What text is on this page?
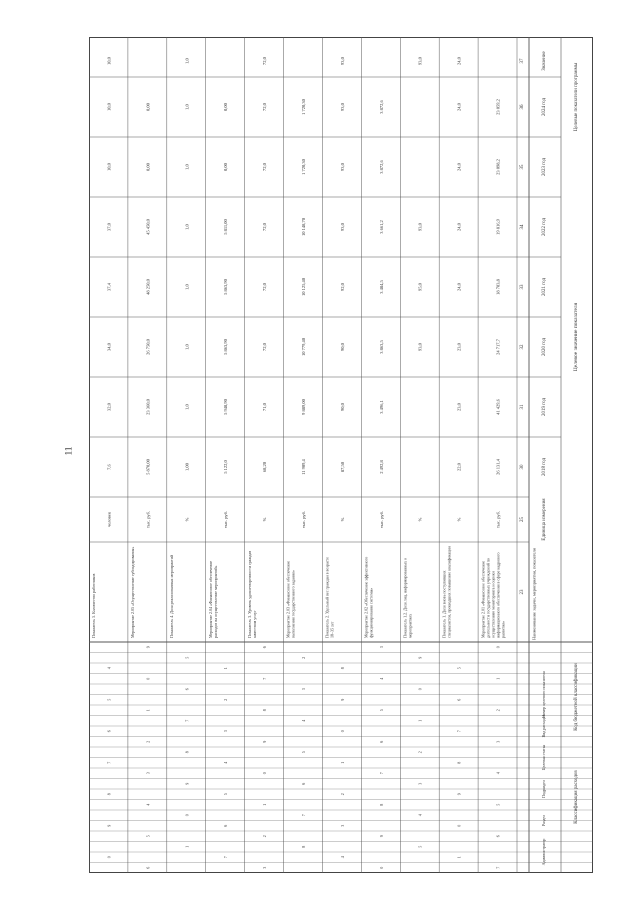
11
Значение
2018 год
2019 год
2020 год
2021 год
2022 год
2023 год
2024 год
Единица измерения
Наименование задачи, мероприятия, показателя
Целевое значение показателя
Целевые показатели программы
23
25
30
31
32
33
34
35
36
37
Классификация расходов
Код бюджетной классификации
Администратор
Раздел
Подраздел
Целевая статья
Вид расходов
Номер целевого показателя
Мероприятие 2.01 «Финансовое обеспечение деятельности государственных учреждений по осуществлению мониторинга и оценки информационного обеспечения в сфере кадрового развития»
тыс. руб.
26 131,4
41 429,6
24 717,7
18 783,8
19 816,9
23 098,2
23 059,2
0
1
2
3
4
5
6
7
Показатель 1. Доля вновь поступивших специалистов, прошедших повышение квалификации
%
22,0
23,0
23,0
24,0
24,0
24,0
24,0
24,0
5
6
7
8
9
0
1
Показатель 1.2. Доля лиц, информированных о мероприятиях
%
93,0
95,0
93,0
93,0
9
0
1
2
3
4
5
Мероприятие 2.02 «Обеспечение эффективного функционирования системы»
тыс. руб.
2 492,8
3 496,1
3 863,5
3 484,5
3 661,2
3 872,6
3 872,6
3
4
5
6
7
8
9
0
Показатель 2. Удельный вес граждан в возрасте 18–35 лет
%
87,50
90,0
90,0
92,0
93,0
93,0
93,0
93,0
8
9
0
1
2
3
4
Мероприятие 2.03 «Финансовое обеспечение выполнения государственного задания»
тыс. руб.
11 909,4
9 889,00
10 779,40
10 125,40
10 148,70
1 720,30
1 720,30
2
3
4
5
6
7
8
Показатель 3. Уровень удовлетворенности граждан качеством услуг
%
68,20
71,0
72,0
72,0
72,0
72,0
72,0
72,0
6
7
8
9
0
1
2
3
Мероприятие 2.04 «Финансовое обеспечение расходов на осуществление мероприятий»
тыс. руб.
5 122,0
5 948,90
5 863,90
5 863,90
5 811,00
0,00
0,00
1
2
3
4
5
6
7
Показатель 4. Доля реализованных мероприятий
%
1,00
1,0
1,0
1,0
1,0
1,0
1,0
1,0
5
6
7
8
9
0
1
Мероприятие 2.05 «Осуществление субсидирования»
тыс. руб.
5 870,00
23 360,0
26 750,0
48 250,0
45 450,0
0,00
0,00
9
0
1
2
3
4
5
6
Показатель 5. Количество работников
человек
7,6
32,0
34,0
37,4
37,0
10,0
10,0
10,0
4
5
6
7
8
9
0
